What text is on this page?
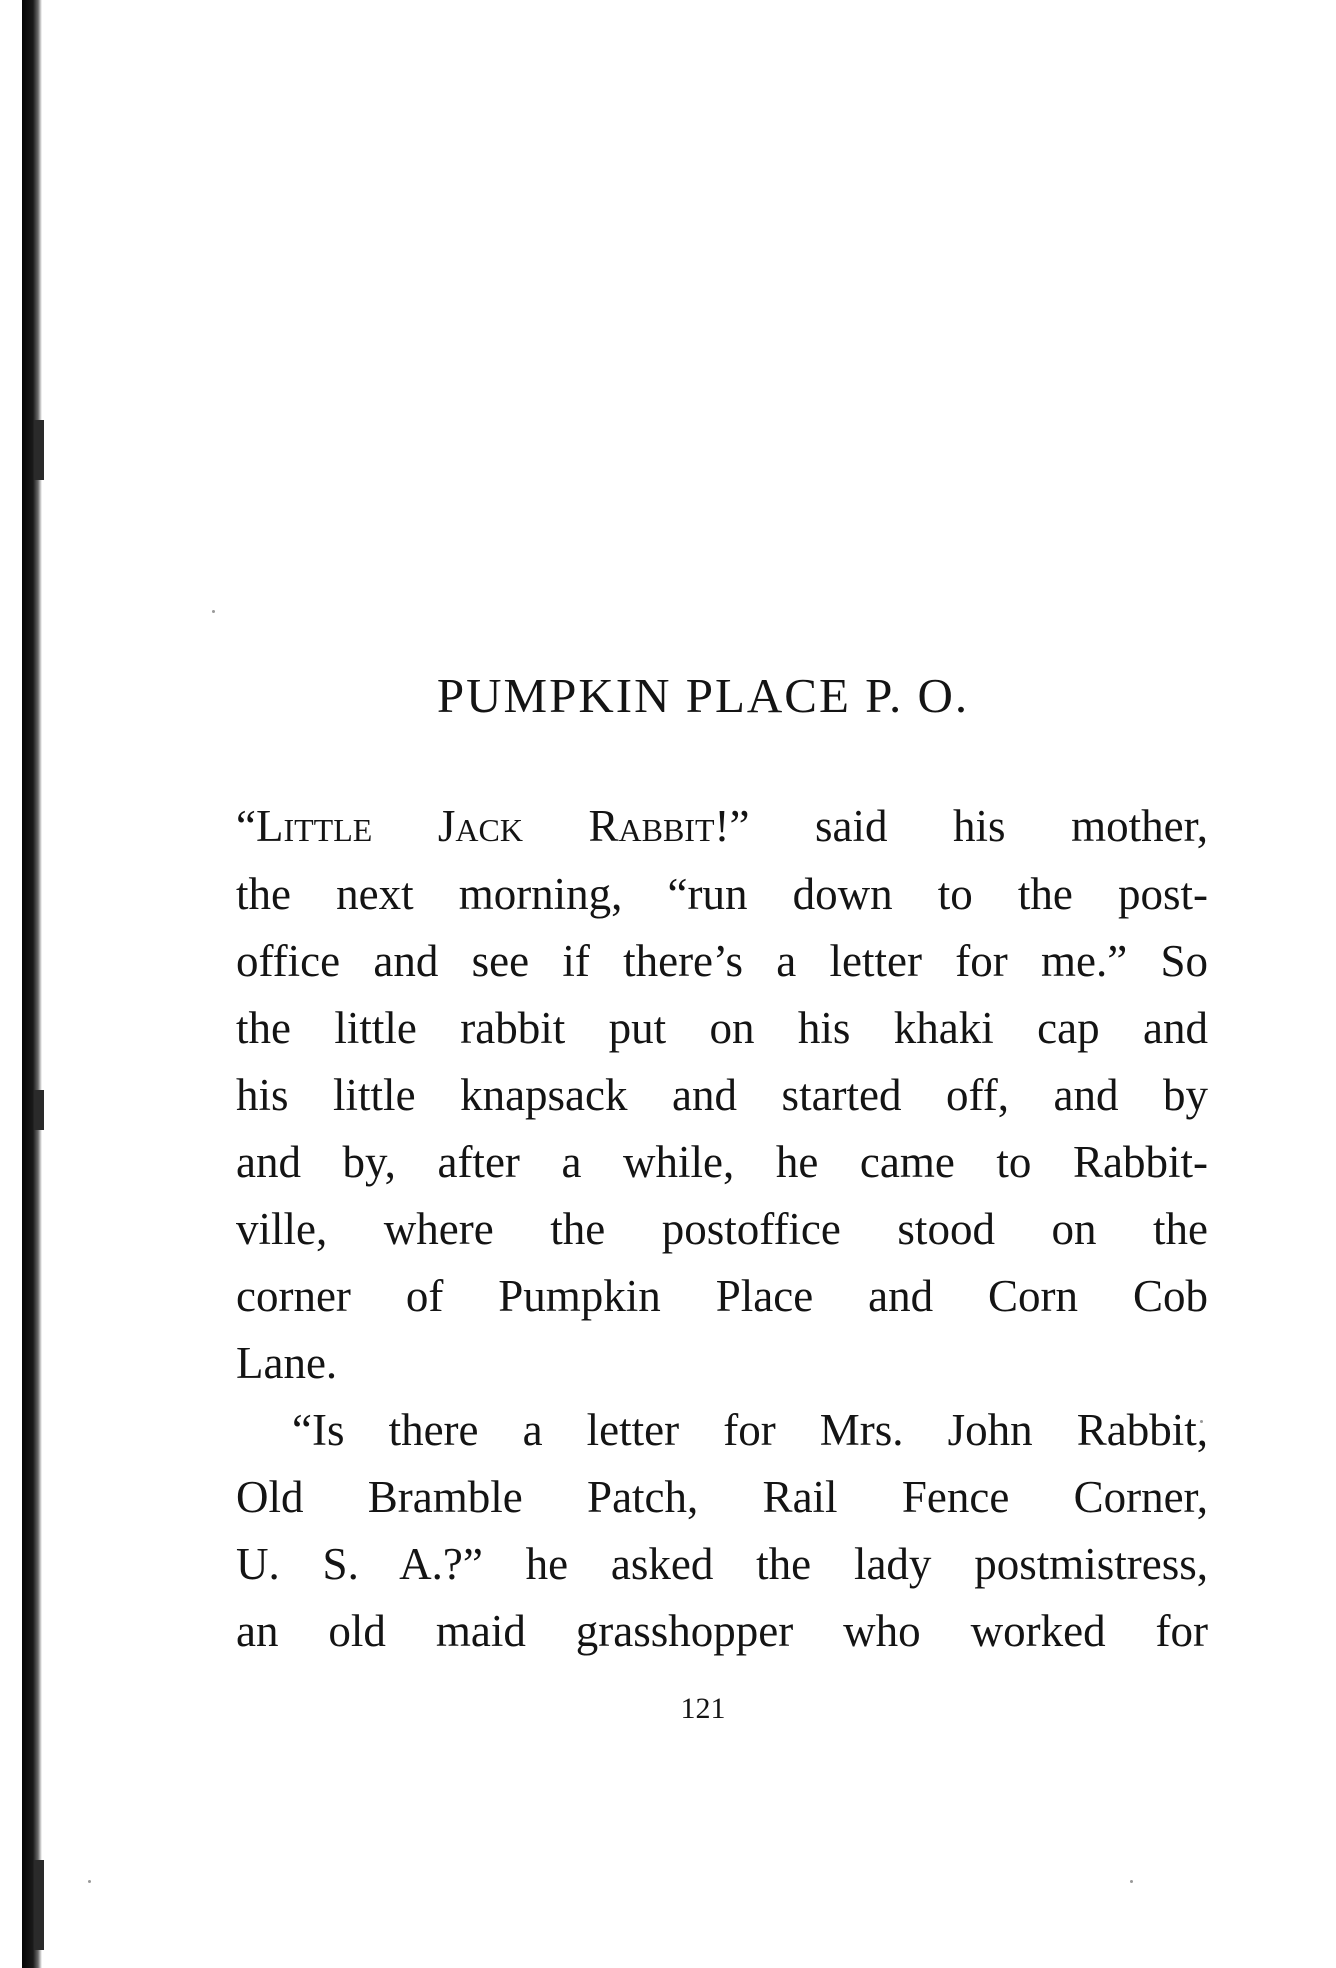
PUMPKIN PLACE P. O.
“Little Jack Rabbit!” said his mother,
the next morning, “run down to the post-
office and see if there’s a letter for me.” So
the little rabbit put on his khaki cap and
his little knapsack and started off, and by
and by, after a while, he came to Rabbit-
ville, where the postoffice stood on the
corner of Pumpkin Place and Corn Cob
Lane.
“Is there a letter for Mrs. John Rabbit,
Old Bramble Patch, Rail Fence Corner,
U. S. A.?” he asked the lady postmistress,
an old maid grasshopper who worked for
121
